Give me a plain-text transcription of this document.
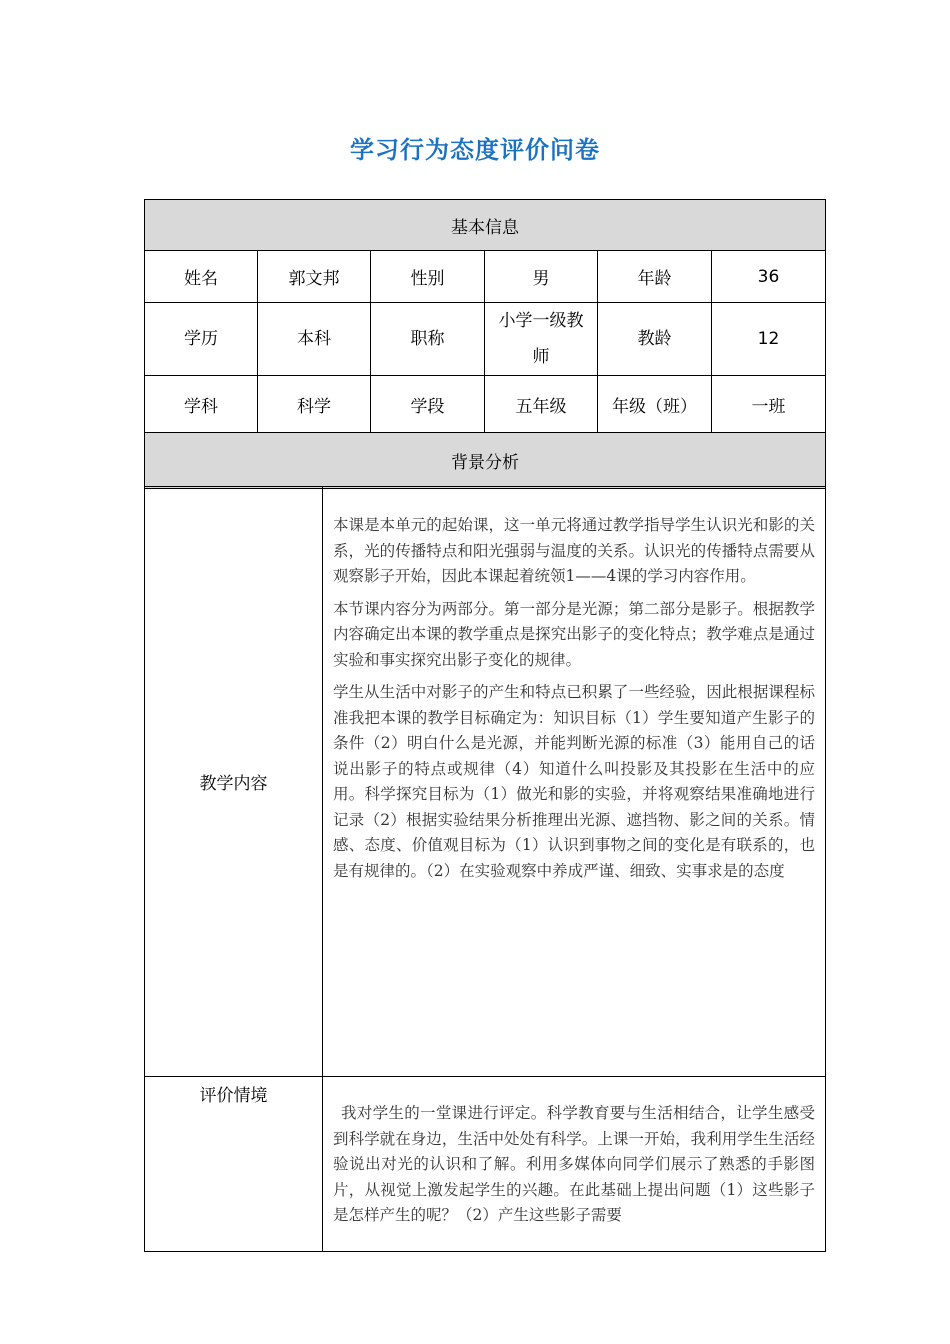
学习行为态度评价问卷
基本信息					
姓名	郭文邦	性别	男	年龄	36
学历	本科	职称	小学一级教师	教龄	12
学科	科学	学段	五年级	年级（班）	一班
背景分析					
教学内容	本课是本单元的起始课，这一单元将通过教学指导学生认识光和影的关系，光的传播特点和阳光强弱与温度的关系。认识光的传播特点需要从观察影子开始，因此本课起着统领1——4课的学习内容作用。

本节课内容分为两部分。第一部分是光源；第二部分是影子。根据教学内容确定出本课的教学重点是探究出影子的变化特点；教学难点是通过实验和事实探究出影子变化的规律。

学生从生活中对影子的产生和特点已积累了一些经验，因此根据课程标准我把本课的教学目标确定为：知识目标（1）学生要知道产生影子的条件（2）明白什么是光源，并能判断光源的标准（3）能用自己的话说出影子的特点或规律（4）知道什么叫投影及其投影在生活中的应用。科学探究目标为（1）做光和影的实验，并将观察结果准确地进行记录（2）根据实验结果分析推理出光源、遮挡物、影之间的关系。情感、态度、价值观目标为（1）认识到事物之间的变化是有联系的，也是有规律的。（2）在实验观察中养成严谨、细致、实事求是的态度

评价情境	我对学生的一堂课进行评定。科学教育要与生活相结合，让学生感受到科学就在身边，生活中处处有科学。上课一开始，我利用学生生活经验说出对光的认识和了解。利用多媒体向同学们展示了熟悉的手影图片，从视觉上激发起学生的兴趣。在此基础上提出问题（1）这些影子是怎样产生的呢？（2）产生这些影子需要
